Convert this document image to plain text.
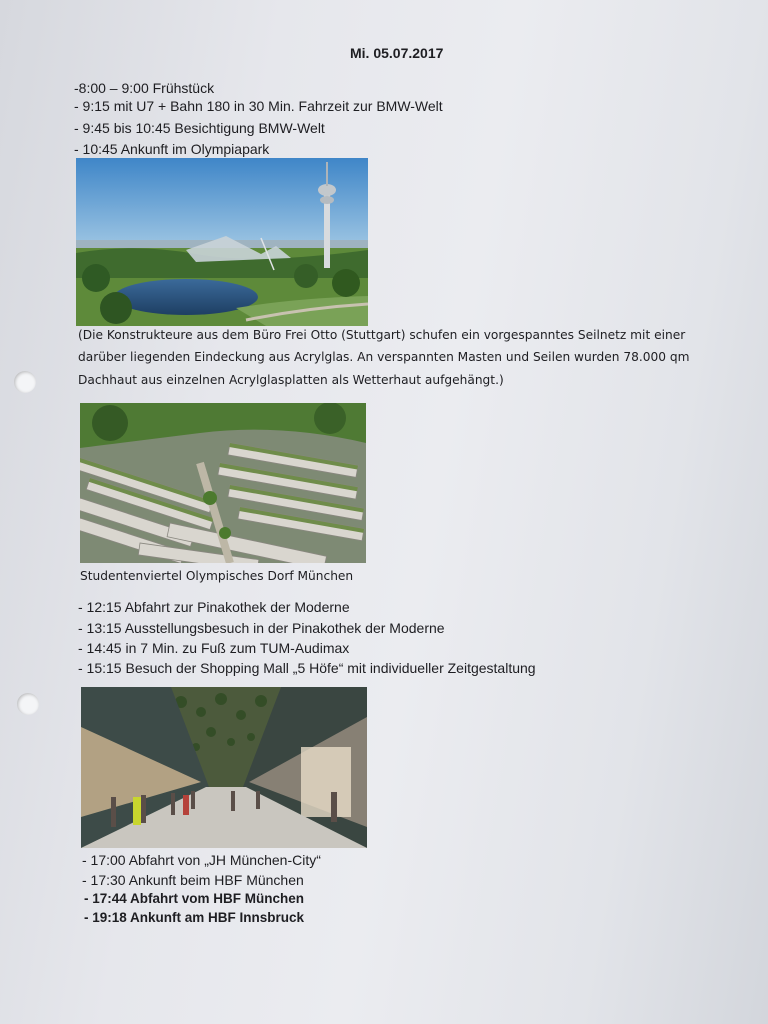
Mi. 05.07.2017
-8:00 – 9:00 Frühstück
- 9:15 mit U7 + Bahn 180 in 30 Min. Fahrzeit zur BMW-Welt
- 9:45 bis 10:45 Besichtigung BMW-Welt
- 10:45 Ankunft im Olympiapark
(Die Konstrukteure aus dem Büro Frei Otto (Stuttgart) schufen ein vorgespanntes Seilnetz mit einer
darüber liegenden Eindeckung aus Acrylglas. An verspannten Masten und Seilen wurden 78.000 qm
Dachhaut aus einzelnen Acrylglasplatten als Wetterhaut aufgehängt.)
Studentenviertel Olympisches Dorf München
- 12:15 Abfahrt zur Pinakothek der Moderne
- 13:15 Ausstellungsbesuch in der Pinakothek der Moderne
- 14:45 in 7 Min. zu Fuß zum TUM-Audimax
- 15:15 Besuch der Shopping Mall „5 Höfe“ mit individueller Zeitgestaltung
- 17:00 Abfahrt von „JH München-City“
- 17:30 Ankunft beim HBF München
- 17:44 Abfahrt vom HBF München
- 19:18 Ankunft am HBF Innsbruck
